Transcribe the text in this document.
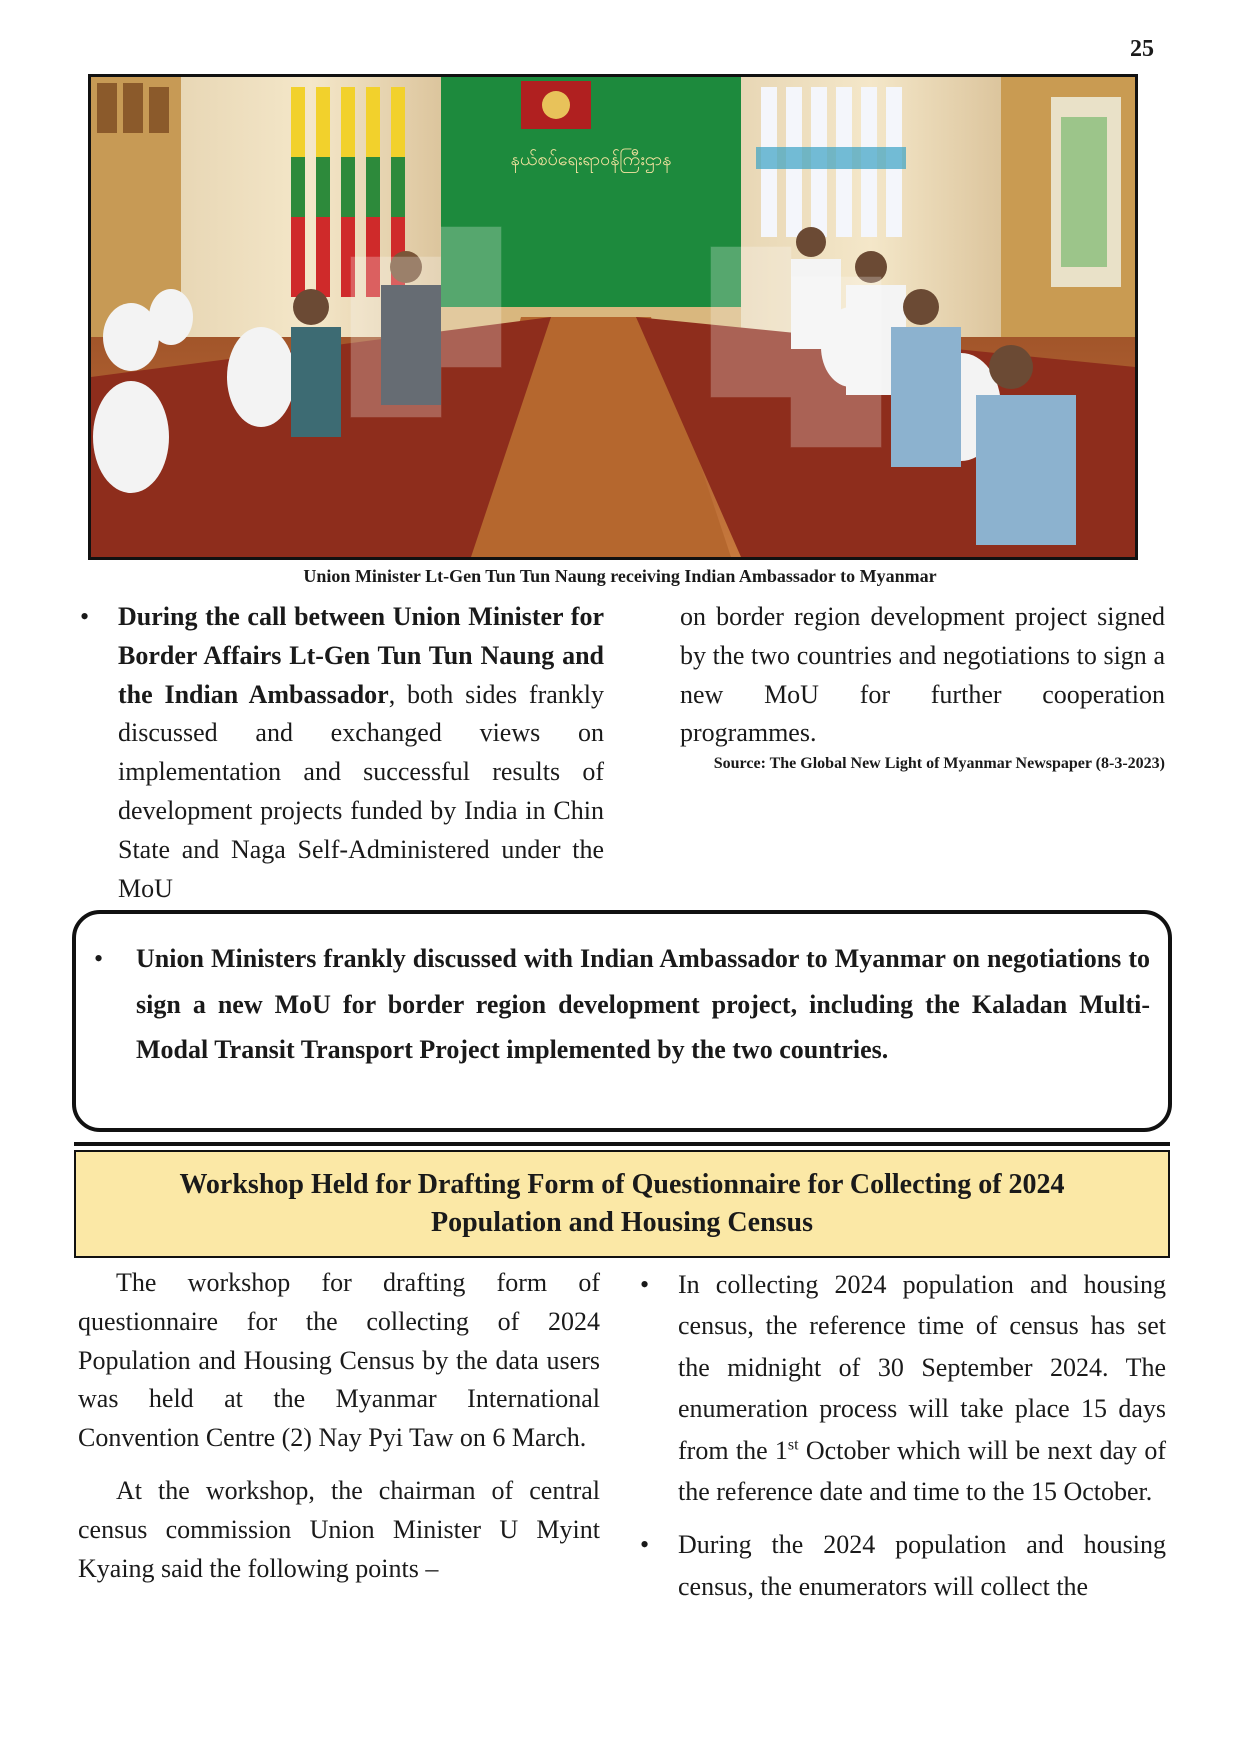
25
နယ်စပ်ရေးရာဝန်ကြီးဌာန
Union Minister Lt-Gen Tun Tun Naung receiving Indian Ambassador to Myanmar

• During the call between Union Minister for Border Affairs Lt-Gen Tun Tun Naung and the Indian Ambassador, both sides frankly discussed and exchanged views on implementation and successful results of development projects funded by India in Chin State and Naga Self-Administered under the MoU

on border region development project signed by the two countries and negotiations to sign a new MoU for further cooperation programmes.

Source: The Global New Light of Myanmar Newspaper (8-3-2023)

• Union Ministers frankly discussed with Indian Ambassador to Myanmar on negotiations to sign a new MoU for border region development project, including the Kaladan Multi-Modal Transit Transport Project implemented by the two countries.

Workshop Held for Drafting Form of Questionnaire for Collecting of 2024
Population and Housing Census

The workshop for drafting form of questionnaire for the collecting of 2024 Population and Housing Census by the data users was held at the Myanmar International Convention Centre (2) Nay Pyi Taw on 6 March.

At the workshop, the chairman of central census commission Union Minister U Myint Kyaing said the following points –

• In collecting 2024 population and housing census, the reference time of census has set the midnight of 30 September 2024. The enumeration process will take place 15 days from the 1st October which will be next day of the reference date and time to the 15 October.

• During the 2024 population and housing census, the enumerators will collect the
